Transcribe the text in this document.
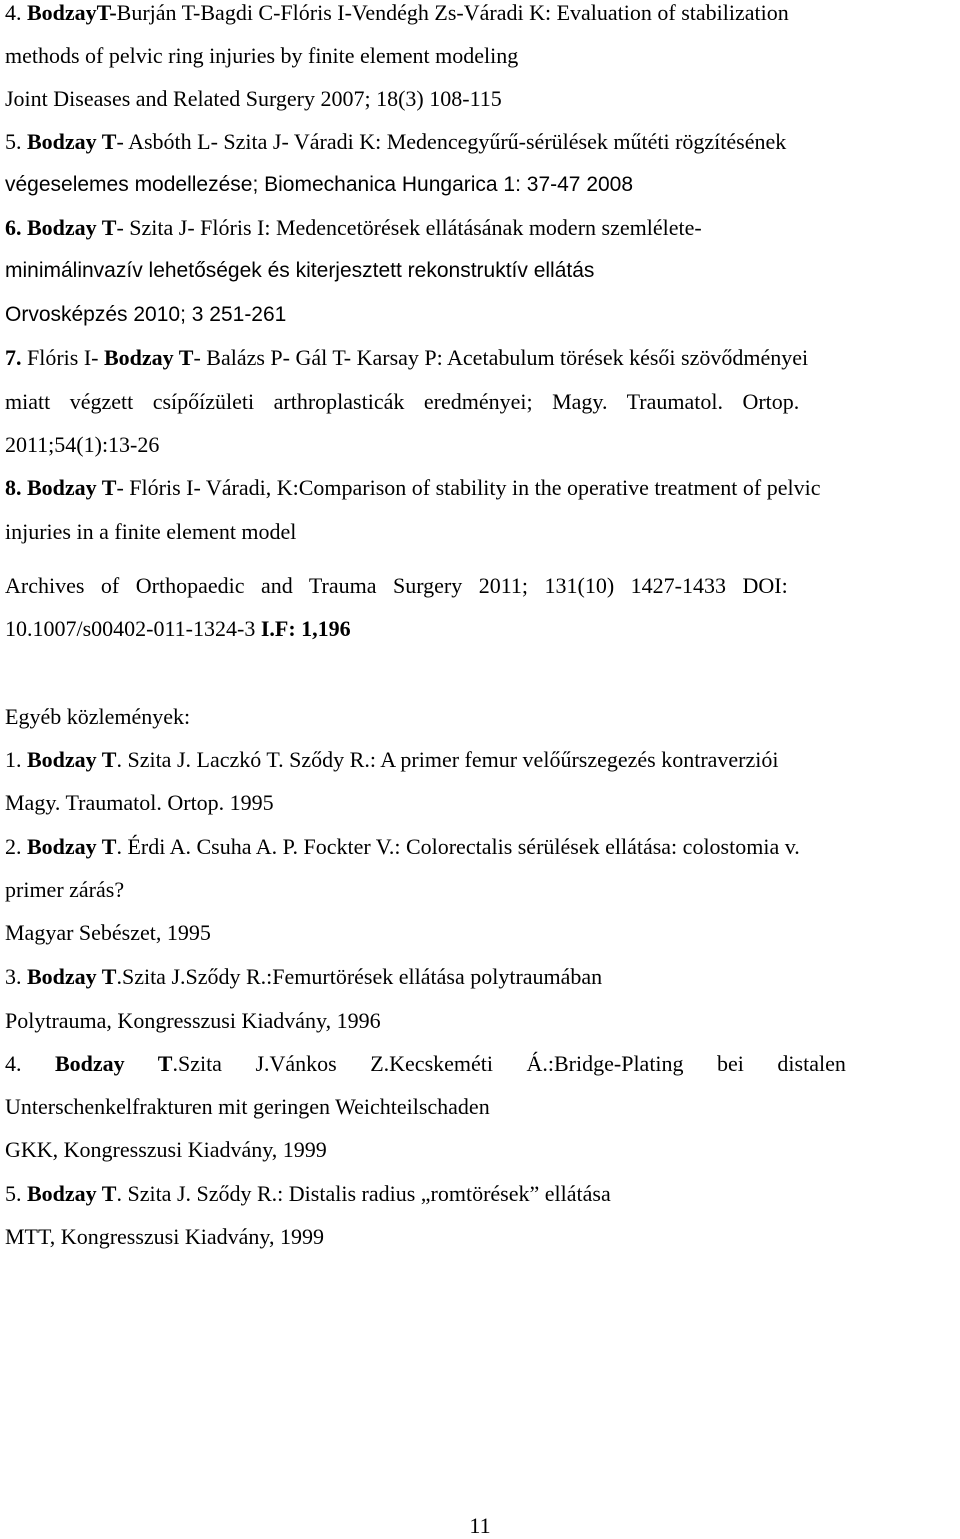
4. BodzayT-Burján T-Bagdi C-Flóris I-Vendégh Zs-Váradi K: Evaluation of stabilization
methods of pelvic ring injuries by finite element modeling
Joint Diseases and Related Surgery 2007; 18(3) 108-115
5. Bodzay T- Asbóth L- Szita J- Váradi K: Medencegyűrű-sérülések műtéti rögzítésének
végeselemes modellezése; Biomechanica Hungarica 1: 37-47 2008
6. Bodzay T- Szita J- Flóris I: Medencetörések ellátásának modern szemlélete-
minimálinvazív lehetőségek és kiterjesztett rekonstruktív ellátás
Orvosképzés 2010; 3 251-261
7. Flóris I- Bodzay T- Balázs P- Gál T- Karsay P: Acetabulum törések késői szövődményei
miatt végzett csípőízületi arthroplasticák eredményei; Magy. Traumatol. Ortop.
2011;54(1):13-26
8. Bodzay T- Flóris I- Váradi, K:Comparison of stability in the operative treatment of pelvic
injuries in a finite element model
Archives of Orthopaedic and Trauma Surgery 2011; 131(10) 1427-1433 DOI:
10.1007/s00402-011-1324-3 I.F: 1,196
Egyéb közlemények:
1. Bodzay T. Szita J. Laczkó T. Sződy R.: A primer femur velőűrszegezés kontraverziói
Magy. Traumatol. Ortop. 1995
2. Bodzay T. Érdi A. Csuha A. P. Fockter V.: Colorectalis sérülések ellátása: colostomia v.
primer zárás?
Magyar Sebészet, 1995
3. Bodzay T.Szita J.Sződy R.:Femurtörések ellátása polytraumában
Polytrauma, Kongresszusi Kiadvány, 1996
4. Bodzay T.Szita J.Vánkos Z.Kecskeméti Á.:Bridge-Plating bei distalen
Unterschenkelfrakturen mit geringen Weichteilschaden
GKK, Kongresszusi Kiadvány, 1999
5. Bodzay T. Szita J. Sződy R.: Distalis radius „romtörések” ellátása
MTT, Kongresszusi Kiadvány, 1999
11
